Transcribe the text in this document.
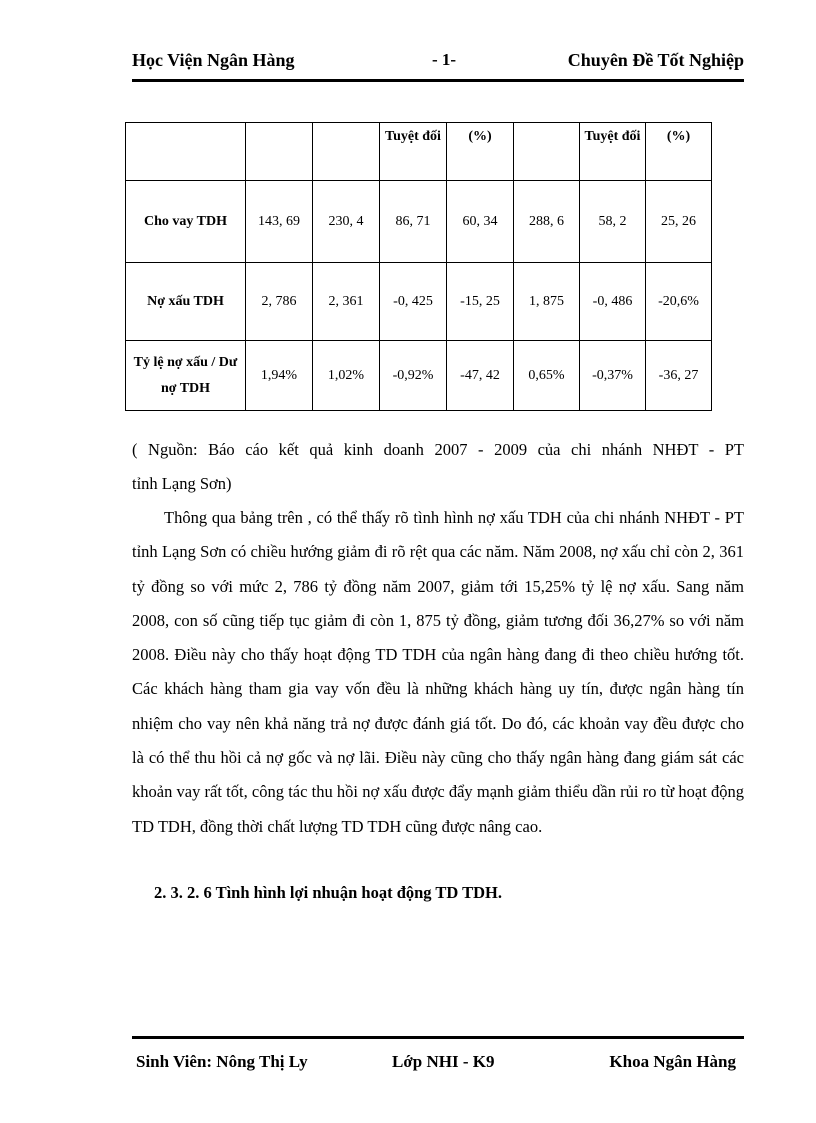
Học Viện Ngân Hàng	- 1-	Chuyên Đề Tốt Nghiệp
			Tuyệt đối	(%)		Tuyệt đối	(%)
Cho vay TDH	143, 69	230, 4	86, 71	60, 34	288, 6	58, 2	25, 26
Nợ xấu TDH	2, 786	2, 361	-0, 425	-15, 25	1, 875	-0, 486	-20,6%
Tỷ lệ nợ xấu / Dư nợ TDH	1,94%	1,02%	-0,92%	-47, 42	0,65%	-0,37%	-36, 27
( Nguồn: Báo cáo kết quả kinh doanh 2007 - 2009 của chi nhánh NHĐT - PT
tỉnh Lạng Sơn)

Thông qua bảng trên , có thể thấy rõ tình hình nợ xấu TDH của chi nhánh NHĐT - PT tỉnh Lạng Sơn có chiều hướng giảm đi rõ rệt qua các năm. Năm 2008, nợ xấu chỉ còn 2, 361 tỷ đồng so với mức 2, 786 tỷ đồng năm 2007, giảm tới 15,25% tỷ lệ nợ xấu. Sang năm 2008, con số cũng tiếp tục giảm đi còn 1, 875 tỷ đồng, giảm tương đối 36,27% so với năm 2008. Điều này cho thấy hoạt động TD TDH của ngân hàng đang đi theo chiều hướng tốt. Các khách hàng tham gia vay vốn đều là những khách hàng uy tín, được ngân hàng tín nhiệm cho vay nên khả năng trả nợ được đánh giá tốt. Do đó, các khoản vay đều được cho là có thể thu hồi cả nợ gốc và nợ lãi. Điều này cũng cho thấy ngân hàng đang giám sát các khoản vay rất tốt, công tác thu hồi nợ xấu được đẩy mạnh giảm thiểu dần rủi ro từ hoạt động TD TDH, đồng thời chất lượng TD TDH cũng được nâng cao.

2. 3. 2. 6 Tình hình lợi nhuận hoạt động TD TDH.
Sinh Viên: Nông Thị Ly	Lớp NHI - K9	Khoa Ngân Hàng
